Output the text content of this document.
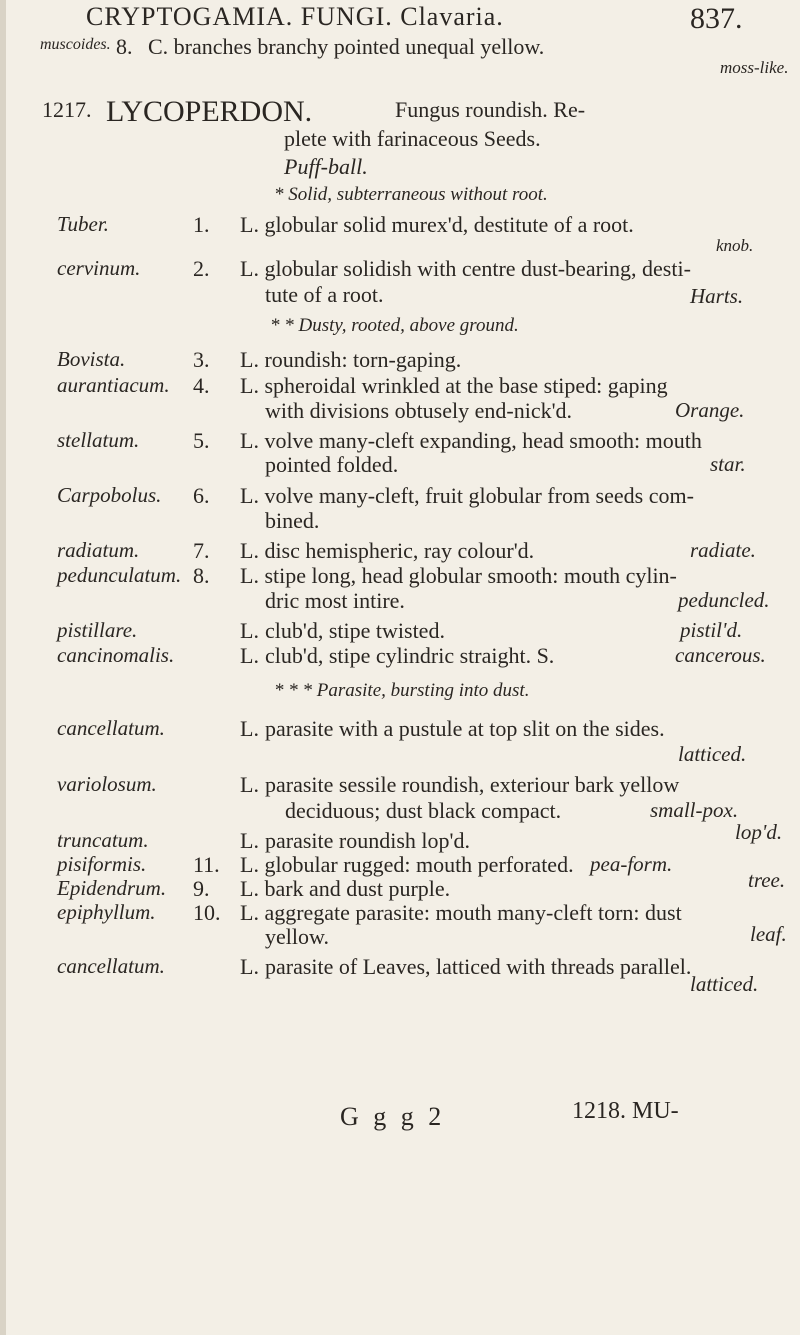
CRYPTOGAMIA. FUNGI. Clavaria.	837.
muscoides. 8. C. branches branchy pointed unequal yellow.
moss-like.
1217. LYCOPERDON.	Fungus roundish. Re-
plete with farinaceous Seeds.
Puff-ball.
* Solid, subterraneous without root.
Tuber.	1. L. globular solid murex'd, destitute of a root.
knob.
cervinum. 2. L. globular solidish with centre dust-bearing, desti-
tute of a root.	Harts.
* * Dusty, rooted, above ground.
Bovista.	3. L. roundish: torn-gaping.
aurantiacum. 4. L. spheroidal wrinkled at the base stiped: gaping
with divisions obtusely end-nick'd.	Orange.
stellatum. 5. L. volve many-cleft expanding, head smooth: mouth
pointed folded.	star.
Carpobolus. 6. L. volve many-cleft, fruit globular from seeds com-
bined.
radiatum. 7. L. disc hemispheric, ray colour'd.	radiate.
pedunculatum. 8. L. stipe long, head globular smooth: mouth cylin-
dric most intire.	peduncled.
pistillare.	L. club'd, stipe twisted.	pistil'd.
cancinomalis.	L. club'd, stipe cylindric straight. S.	cancerous.
* * * Parasite, bursting into dust.
cancellatum.	L. parasite with a pustule at top slit on the sides.
latticed.
variolosum.	L. parasite sessile roundish, exteriour bark yellow
deciduous; dust black compact.	small-pox.
truncatum.	L. parasite roundish lop'd.	lop'd.
pisiformis. 11. L. globular rugged: mouth perforated. pea-form.
Epidendrum. 9. L. bark and dust purple.	tree.
epiphyllum. 10. L. aggregate parasite: mouth many-cleft torn: dust
yellow.	leaf.
cancellatum.	L. parasite of Leaves, latticed with threads parallel.
latticed.
G g g 2	1218. MU-
